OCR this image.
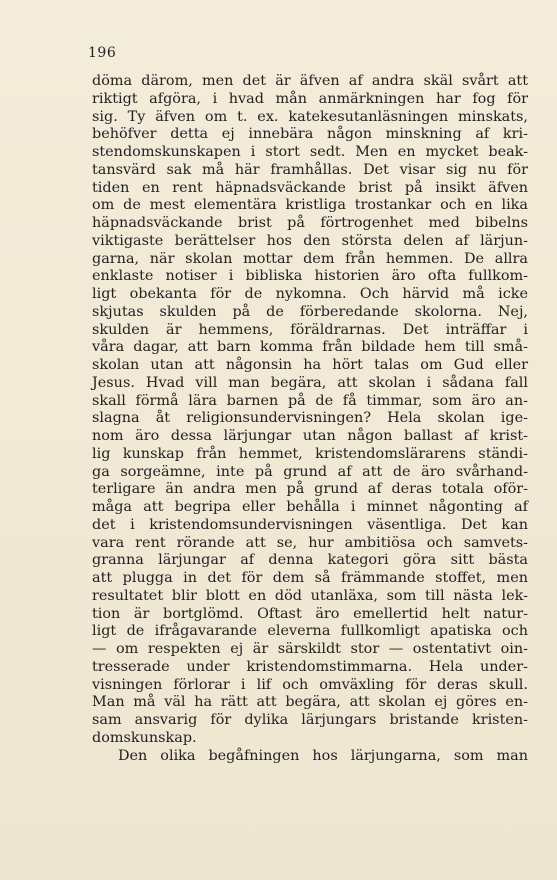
196
döma därom, men det är äfven af andra skäl svårt att
riktigt afgöra, i hvad mån anmärkningen har fog för
sig. Ty äfven om t. ex. katekesutanläsningen minskats,
behöfver detta ej innebära någon minskning af kri-
stendomskunskapen i stort sedt. Men en mycket beak-
tansvärd sak må här framhållas. Det visar sig nu för
tiden en rent häpnadsväckande brist på insikt äfven
om de mest elementära kristliga trostankar och en lika
häpnadsväckande brist på förtrogenhet med bibelns
viktigaste berättelser hos den största delen af lärjun-
garna, när skolan mottar dem från hemmen. De allra
enklaste notiser i bibliska historien äro ofta fullkom-
ligt obekanta för de nykomna. Och härvid må icke
skjutas skulden på de förberedande skolorna. Nej,
skulden är hemmens, föräldrarnas. Det inträffar i
våra dagar, att barn komma från bildade hem till små-
skolan utan att någonsin ha hört talas om Gud eller
Jesus. Hvad vill man begära, att skolan i sådana fall
skall förmå lära barnen på de få timmar, som äro an-
slagna åt religionsundervisningen? Hela skolan ige-
nom äro dessa lärjungar utan någon ballast af krist-
lig kunskap från hemmet, kristendomslärarens ständi-
ga sorgeämne, inte på grund af att de äro svårhand-
terligare än andra men på grund af deras totala oför-
måga att begripa eller behålla i minnet någonting af
det i kristendomsundervisningen väsentliga. Det kan
vara rent rörande att se, hur ambitiösa och samvets-
granna lärjungar af denna kategori göra sitt bästa
att plugga in det för dem så främmande stoffet, men
resultatet blir blott en död utanläxa, som till nästa lek-
tion är bortglömd. Oftast äro emellertid helt natur-
ligt de ifrågavarande eleverna fullkomligt apatiska och
— om respekten ej är särskildt stor — ostentativt oin-
tresserade under kristendomstimmarna. Hela under-
visningen förlorar i lif och omväxling för deras skull.
Man må väl ha rätt att begära, att skolan ej göres en-
sam ansvarig för dylika lärjungars bristande kristen-
domskunskap.
Den olika begåfningen hos lärjungarna, som man
